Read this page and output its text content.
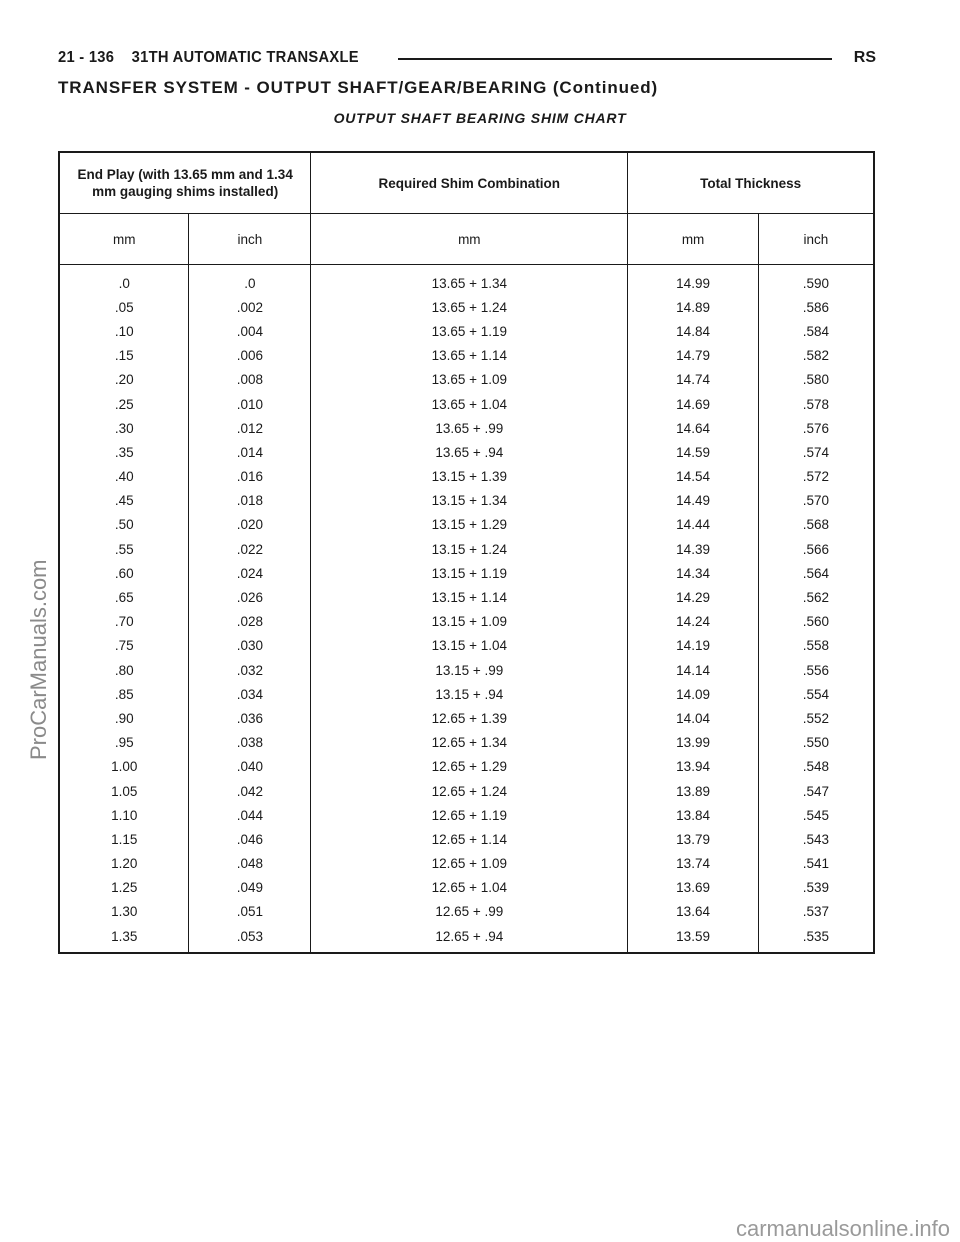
21 - 136    31TH AUTOMATIC TRANSAXLE	RS
TRANSFER SYSTEM - OUTPUT SHAFT/GEAR/BEARING (Continued)
OUTPUT SHAFT BEARING SHIM CHART
End Play (with 13.65 mm and 1.34 mm gauging shims installed)		Required Shim Combination	Total Thickness	
mm	inch	mm	mm	inch
.0	.0	13.65 + 1.34	14.99	.590
.05	.002	13.65 + 1.24	14.89	.586
.10	.004	13.65 + 1.19	14.84	.584
.15	.006	13.65 + 1.14	14.79	.582
.20	.008	13.65 + 1.09	14.74	.580
.25	.010	13.65 + 1.04	14.69	.578
.30	.012	13.65 + .99	14.64	.576
.35	.014	13.65 + .94	14.59	.574
.40	.016	13.15 + 1.39	14.54	.572
.45	.018	13.15 + 1.34	14.49	.570
.50	.020	13.15 + 1.29	14.44	.568
.55	.022	13.15 + 1.24	14.39	.566
.60	.024	13.15 + 1.19	14.34	.564
.65	.026	13.15 + 1.14	14.29	.562
.70	.028	13.15 + 1.09	14.24	.560
.75	.030	13.15 + 1.04	14.19	.558
.80	.032	13.15 + .99	14.14	.556
.85	.034	13.15 + .94	14.09	.554
.90	.036	12.65 + 1.39	14.04	.552
.95	.038	12.65 + 1.34	13.99	.550
1.00	.040	12.65 + 1.29	13.94	.548
1.05	.042	12.65 + 1.24	13.89	.547
1.10	.044	12.65 + 1.19	13.84	.545
1.15	.046	12.65 + 1.14	13.79	.543
1.20	.048	12.65 + 1.09	13.74	.541
1.25	.049	12.65 + 1.04	13.69	.539
1.30	.051	12.65 + .99	13.64	.537
1.35	.053	12.65 + .94	13.59	.535
ProCarManuals.com
carmanualsonline.info
